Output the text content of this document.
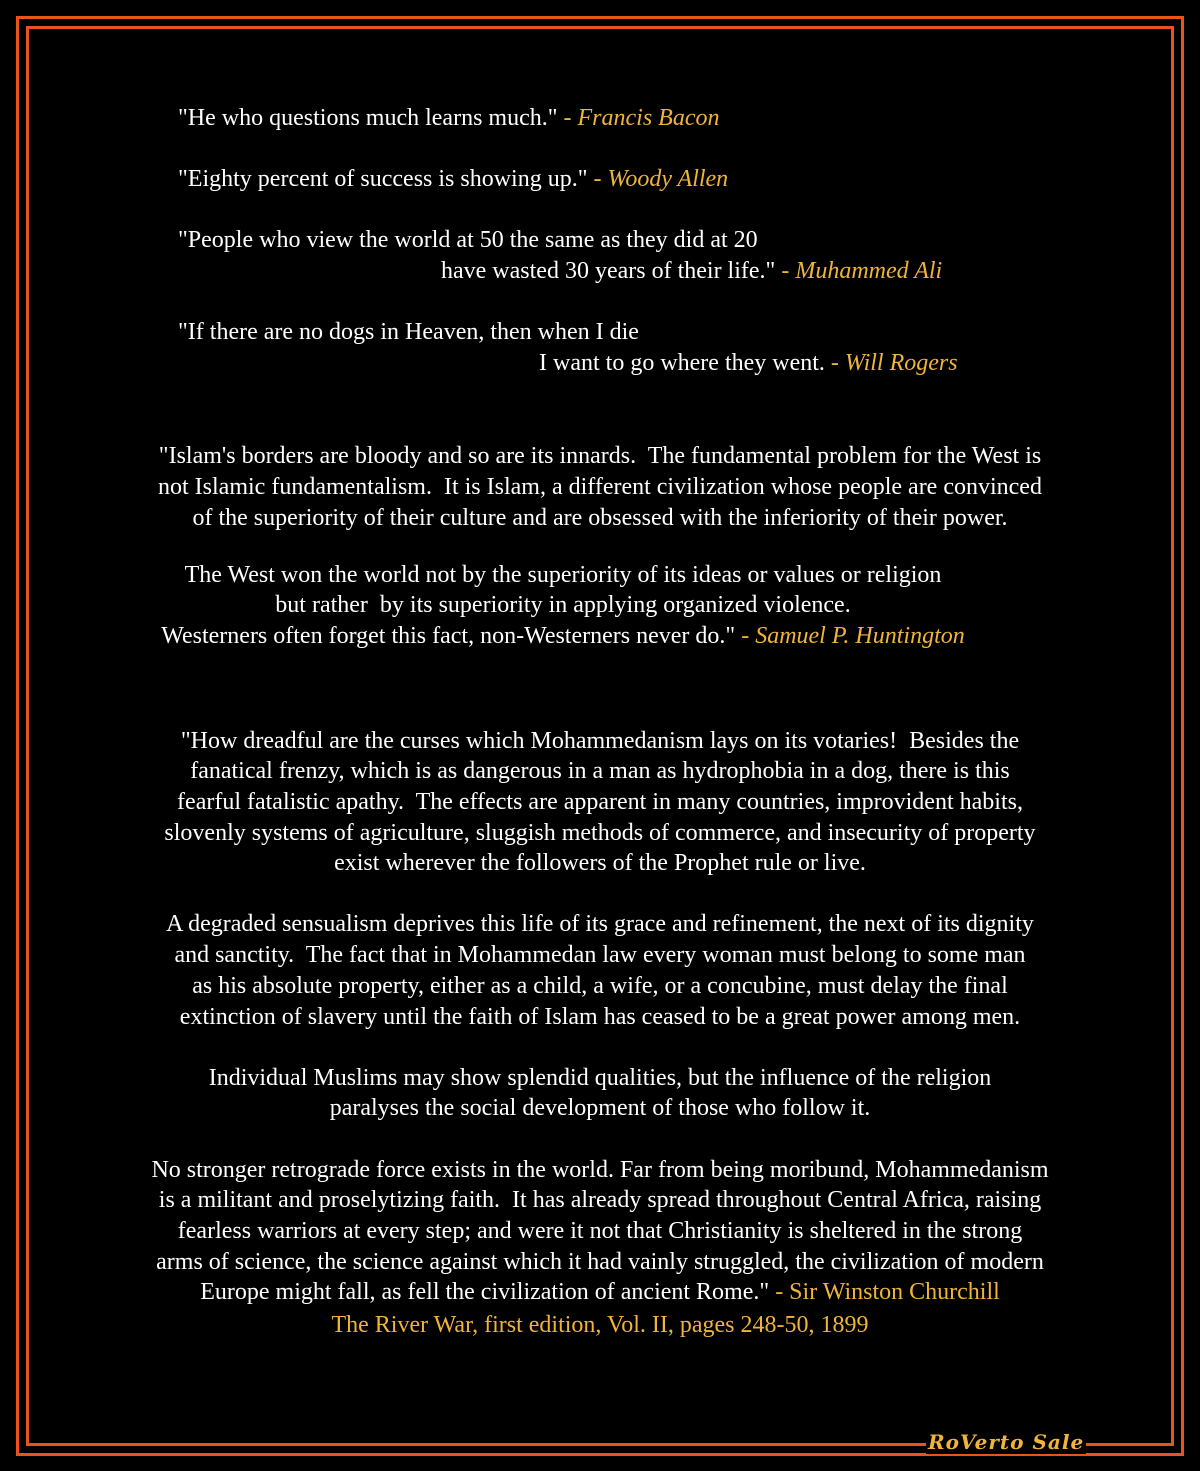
"He who questions much learns much." - Francis Bacon
"Eighty percent of success is showing up." - Woody Allen
"People who view the world at 50 the same as they did at 20
have wasted 30 years of their life." - Muhammed Ali
"If there are no dogs in Heaven, then when I die
I want to go where they went. - Will Rogers
"Islam's borders are bloody and so are its innards.  The fundamental problem for the West is
not Islamic fundamentalism.  It is Islam, a different civilization whose people are convinced
of the superiority of their culture and are obsessed with the inferiority of their power.
The West won the world not by the superiority of its ideas or values or religion
but rather  by its superiority in applying organized violence.
Westerners often forget this fact, non-Westerners never do." - Samuel P. Huntington
"How dreadful are the curses which Mohammedanism lays on its votaries!  Besides the
fanatical frenzy, which is as dangerous in a man as hydrophobia in a dog, there is this
fearful fatalistic apathy.  The effects are apparent in many countries, improvident habits,
slovenly systems of agriculture, sluggish methods of commerce, and insecurity of property
exist wherever the followers of the Prophet rule or live.
A degraded sensualism deprives this life of its grace and refinement, the next of its dignity
and sanctity.  The fact that in Mohammedan law every woman must belong to some man
as his absolute property, either as a child, a wife, or a concubine, must delay the final
extinction of slavery until the faith of Islam has ceased to be a great power among men.
Individual Muslims may show splendid qualities, but the influence of the religion
paralyses the social development of those who follow it.
No stronger retrograde force exists in the world. Far from being moribund, Mohammedanism
is a militant and proselytizing faith.  It has already spread throughout Central Africa, raising
fearless warriors at every step; and were it not that Christianity is sheltered in the strong
arms of science, the science against which it had vainly struggled, the civilization of modern
Europe might fall, as fell the civilization of ancient Rome." - Sir Winston Churchill
The River War, first edition, Vol. II, pages 248-50, 1899
RoVerto Sale
